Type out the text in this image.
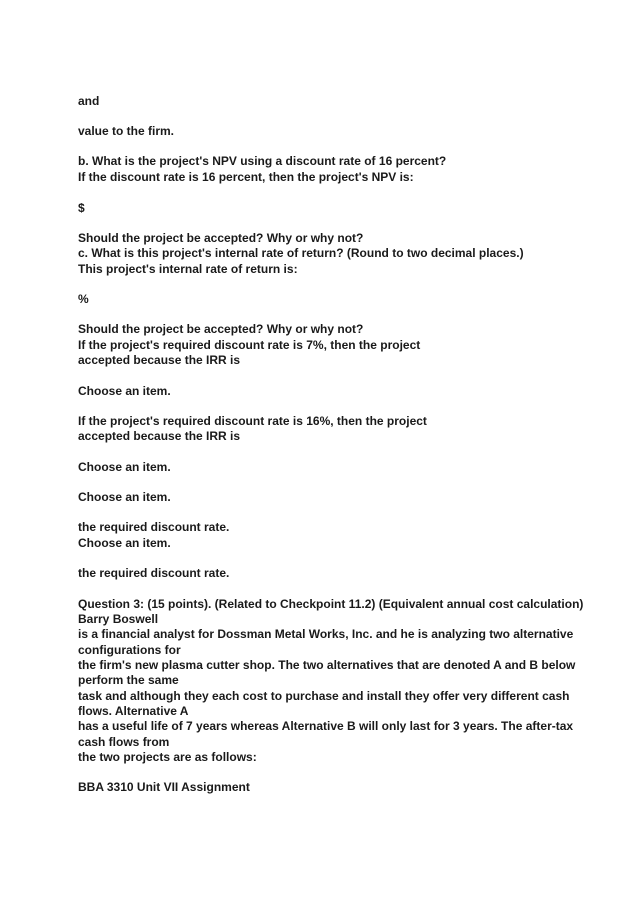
and
value to the firm.
b. What is the project's NPV using a discount rate of 16 percent?
If the discount rate is 16 percent, then the project's NPV is:
$
Should the project be accepted? Why or why not?
c. What is this project's internal rate of return? (Round to two decimal places.)
This project's internal rate of return is:
%
Should the project be accepted? Why or why not?
If the project's required discount rate is 7%, then the project
accepted because the IRR is
Choose an item.
If the project's required discount rate is 16%, then the project
accepted because the IRR is
Choose an item.
Choose an item.
the required discount rate.
Choose an item.
the required discount rate.
Question 3: (15 points). (Related to Checkpoint 11.2) (Equivalent annual cost calculation)
Barry Boswell
is a financial analyst for Dossman Metal Works, Inc. and he is analyzing two alternative
configurations for
the firm's new plasma cutter shop. The two alternatives that are denoted A and B below
perform the same
task and although they each cost to purchase and install they offer very different cash
flows. Alternative A
has a useful life of 7 years whereas Alternative B will only last for 3 years. The after-tax
cash flows from
the two projects are as follows:
BBA 3310 Unit VII Assignment
